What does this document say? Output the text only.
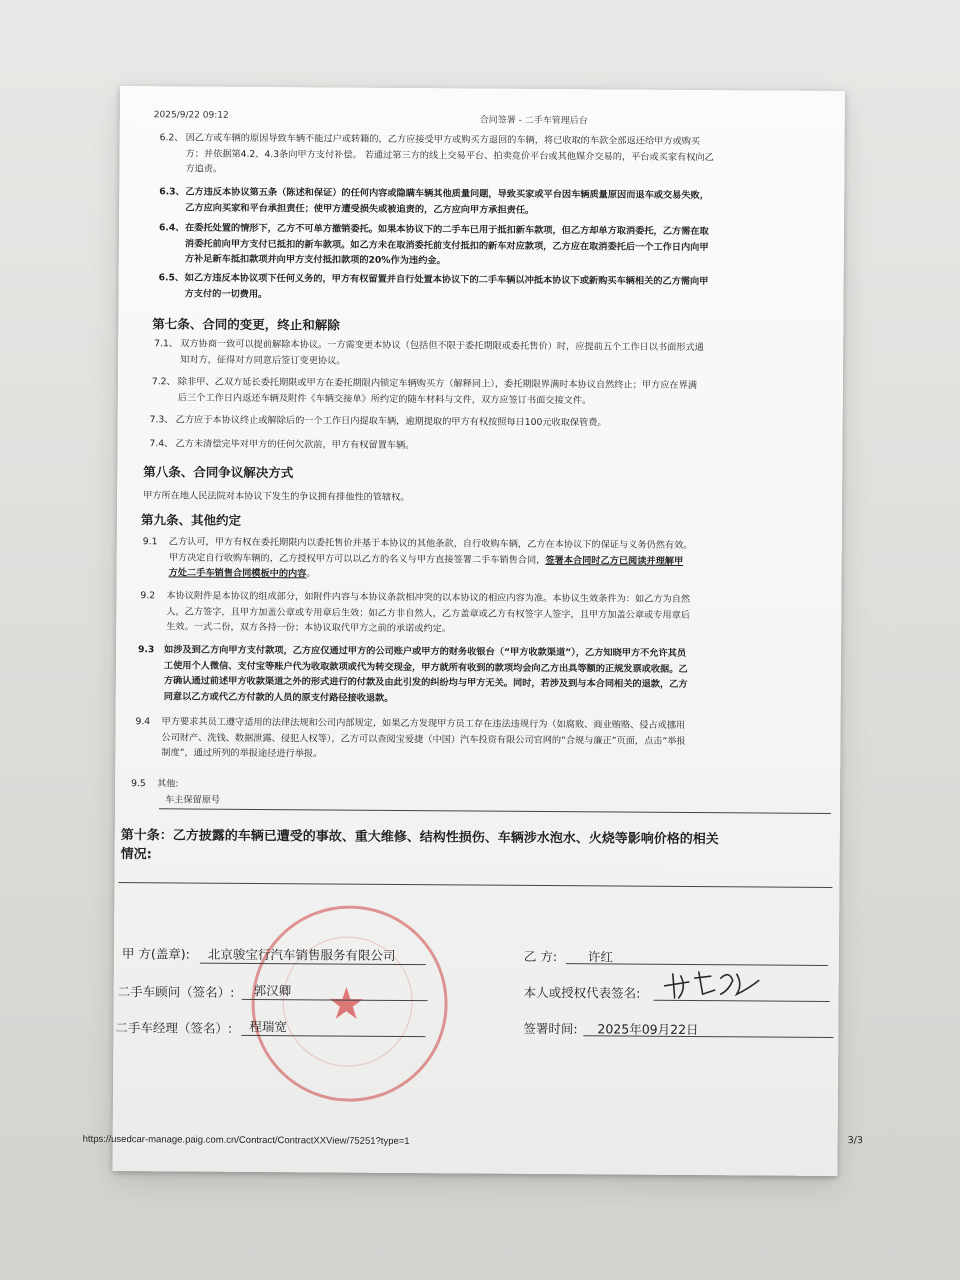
2025/9/22 09:12
合同签署 - 二手车管理后台
6.2、 因乙方或车辆的原因导致车辆不能过户或转籍的，乙方应接受甲方或购买方退回的车辆，将已收取的车款全部返还给甲方或购买
方；并依据第4.2、4.3条向甲方支付补偿。 若通过第三方的线上交易平台、拍卖竞价平台或其他媒介交易的，平台或买家有权向乙
方追责。
6.3、 乙方违反本协议第五条（陈述和保证）的任何内容或隐瞒车辆其他质量问题，导致买家或平台因车辆质量原因而退车或交易失败，
乙方应向买家和平台承担责任；使甲方遭受损失或被追责的，乙方应向甲方承担责任。
6.4、 在委托处置的情形下，乙方不可单方撤销委托。如果本协议下的二手车已用于抵扣新车款项，但乙方却单方取消委托，乙方需在取
消委托前向甲方支付已抵扣的新车款项。如乙方未在取消委托前支付抵扣的新车对应款项，乙方应在取消委托后一个工作日内向甲
方补足新车抵扣款项并向甲方支付抵扣款项的20%作为违约金。
6.5、 如乙方违反本协议项下任何义务的，甲方有权留置并自行处置本协议下的二手车辆以冲抵本协议下或新购买车辆相关的乙方需向甲
方支付的一切费用。
第七条、合同的变更，终止和解除
7.1、 双方协商一致可以提前解除本协议。一方需变更本协议（包括但不限于委托期限或委托售价）时，应提前五个工作日以书面形式通
知对方，征得对方同意后签订变更协议。
7.2、 除非甲、乙双方延长委托期限或甲方在委托期限内锁定车辆购买方（解释同上），委托期限界满时本协议自然终止；甲方应在界满
后三个工作日内返还车辆及附件《车辆交接单》所约定的随车材料与文件，双方应签订书面交接文件。
7.3、 乙方应于本协议终止或解除后的一个工作日内提取车辆，逾期提取的甲方有权按照每日100元收取保管费。
7.4、 乙方未清偿完毕对甲方的任何欠款前，甲方有权留置车辆。
第八条、合同争议解决方式
甲方所在地人民法院对本协议下发生的争议拥有排他性的管辖权。
第九条、其他约定
9.1 乙方认可，甲方有权在委托期限内以委托售价并基于本协议的其他条款，自行收购车辆，乙方在本协议下的保证与义务仍然有效。
甲方决定自行收购车辆的，乙方授权甲方可以以乙方的名义与甲方直接签署二手车销售合同，签署本合同时乙方已阅读并理解甲
方处二手车销售合同模板中的内容。
9.2 本协议附件是本协议的组成部分，如附件内容与本协议条款相冲突的以本协议的相应内容为准。本协议生效条件为：如乙方为自然
人，乙方签字，且甲方加盖公章或专用章后生效；如乙方非自然人，乙方盖章或乙方有权签字人签字，且甲方加盖公章或专用章后
生效。一式二份，双方各持一份；本协议取代甲方之前的承诺或约定。
9.3 如涉及到乙方向甲方支付款项，乙方应仅通过甲方的公司账户或甲方的财务收银台（“甲方收款渠道”），乙方知晓甲方不允许其员
工使用个人微信、支付宝等账户代为收取款项或代为转交现金，甲方就所有收到的款项均会向乙方出具等额的正规发票或收据。乙
方确认通过前述甲方收款渠道之外的形式进行的付款及由此引发的纠纷均与甲方无关。同时，若涉及到与本合同相关的退款，乙方
同意以乙方或代乙方付款的人员的原支付路径接收退款。
9.4 甲方要求其员工遵守适用的法律法规和公司内部规定，如果乙方发现甲方员工存在违法违规行为（如腐败、商业贿赂、侵占或挪用
公司财产、洗钱、数据泄露、侵犯人权等），乙方可以查阅宝爱捷（中国）汽车投资有限公司官网的“合规与廉正”页面，点击“举报
制度”，通过所列的举报途径进行举报。
9.5 其他:
车主保留原号
第十条：乙方披露的车辆已遭受的事故、重大维修、结构性损伤、车辆涉水泡水、火烧等影响价格的相关
情况:
★
甲 方(盖章): 北京骏宝行汽车销售服务有限公司
二手车顾问（签名）: 郭汉卿
二手车经理（签名）: 程瑞宽
乙 方: 许红
本人或授权代表签名:
签署时间: 2025年09月22日
https://usedcar-manage.paig.com.cn/Contract/ContractXXView/75251?type=1	3/3
